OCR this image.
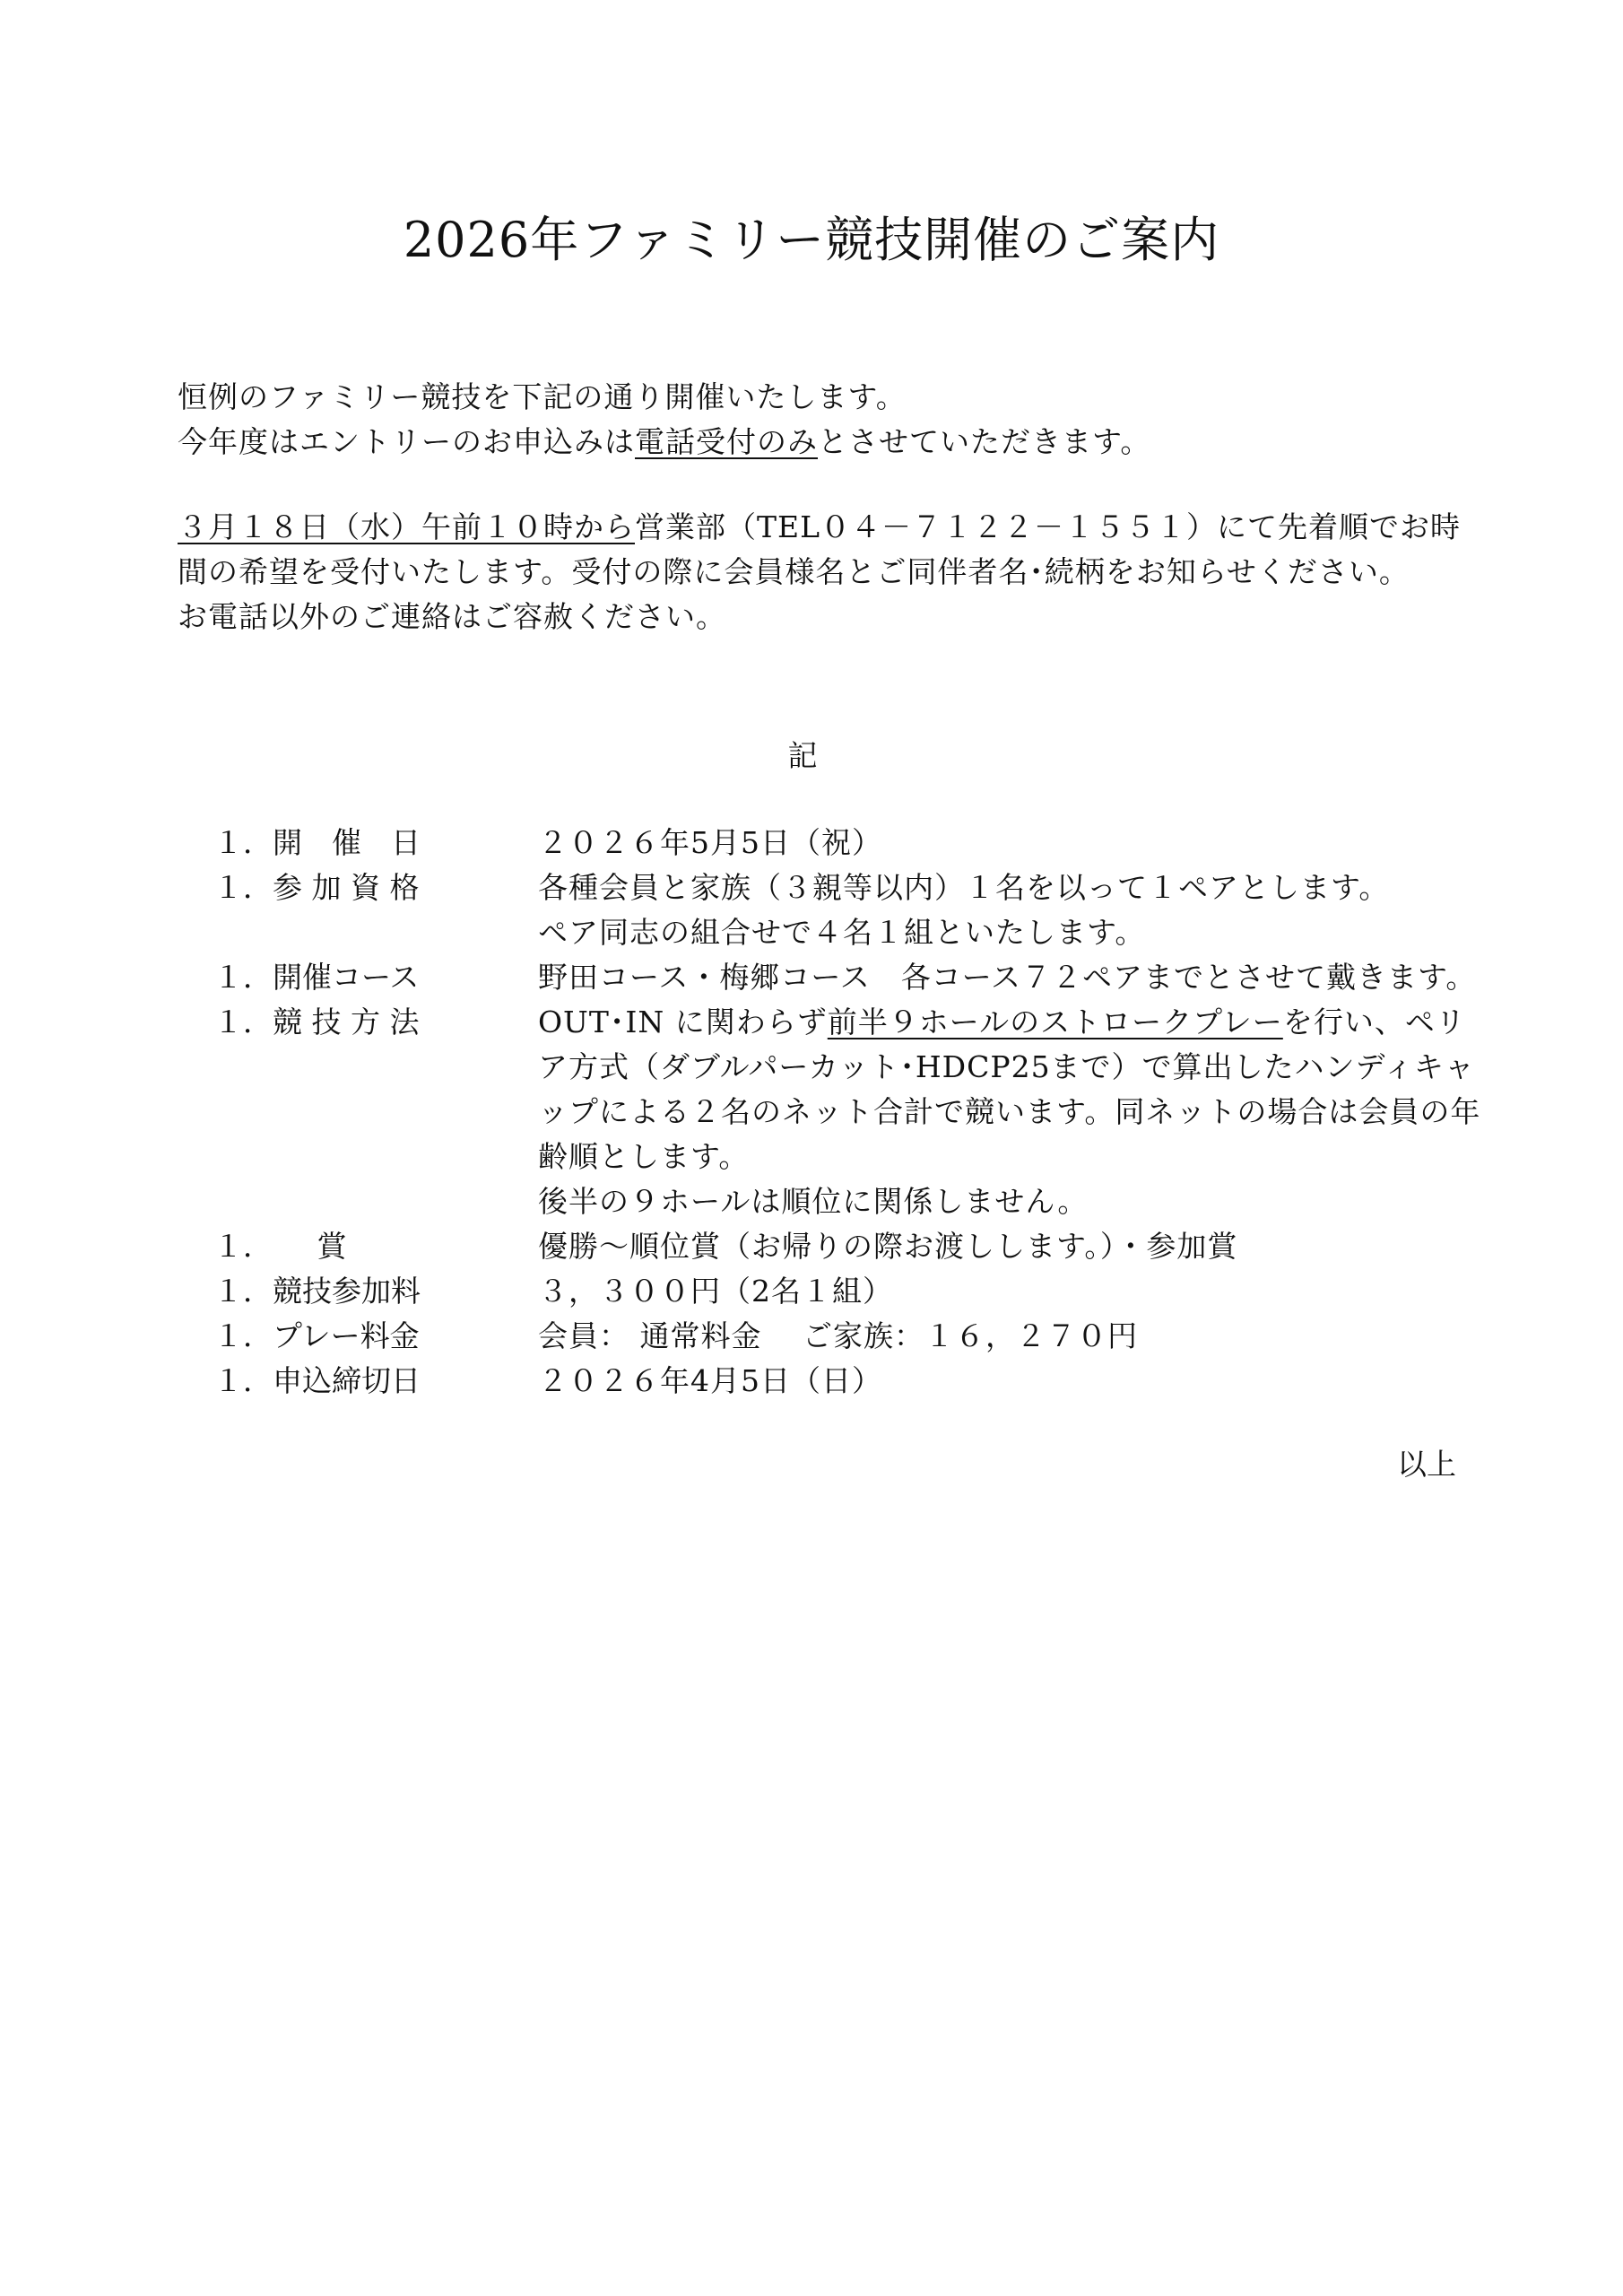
2026年ファミリー競技開催のご案内
恒例のファミリー競技を下記の通り開催いたします。
今年度はエントリーのお申込みは電話受付のみとさせていただきます。
３月１８日（水）午前１０時から営業部（TEL０４－７１２２－１５５１）にて先着順でお時
間の希望を受付いたします。受付の際に会員様名とご同伴者名･続柄をお知らせください。
お電話以外のご連絡はご容赦ください。
記
１．開　催　日	２０２６年5月5日（祝）
１．参 加 資 格	各種会員と家族（３親等以内）１名を以って１ペアとします。
ペア同志の組合せで４名１組といたします。
１．開催コース	野田コース・梅郷コース　各コース７２ペアまでとさせて戴きます。
１．競 技 方 法	OUT･IN に関わらず前半９ホールのストロークプレーを行い、ペリ
ア方式（ダブルパーカット･HDCP25まで）で算出したハンディキャ
ップによる２名のネット合計で競います。同ネットの場合は会員の年
齢順とします。
後半の９ホールは順位に関係しません。
１．　　賞	優勝～順位賞（お帰りの際お渡しします。）・参加賞
１．競技参加料	３，３００円（2名１組）
１．プレー料金	会員： 通常料金　 ご家族：１６，２７０円
１．申込締切日	２０２６年4月5日（日）
以上
